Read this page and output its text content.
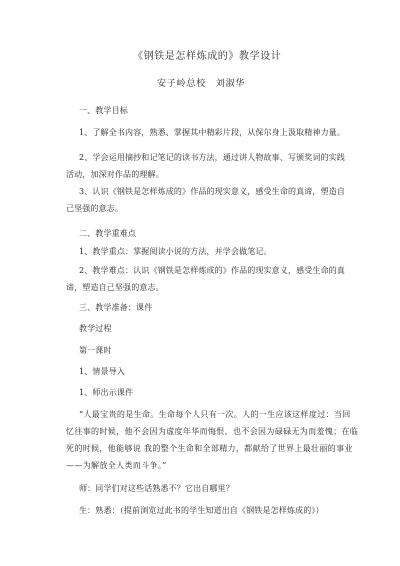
《钢铁是怎样炼成的》教学设计
安子岭总校　刘淑华
一、教学目标
1、了解全书内容，熟悉、掌握其中精彩片段，从保尔身上汲取精神力量。
2、学会运用摘抄和记笔记的读书方法，通过讲人物故事、写颁奖词的实践
活动，加深对作品的理解。
3、认识《钢铁是怎样炼成的》作品的现实意义，感受生命的真谛，塑造自
己坚强的意志。
二、教学重难点
1、教学重点：掌握阅读小说的方法，并学会做笔记。
2、教学难点：认识《钢铁是怎样炼成的》作品的现实意义，感受生命的真
谛，塑造自己坚强的意志。
三、教学准备：课件
教学过程
第一课时
1、情景导入
1、师出示课件
“人最宝贵的是生命。生命每个人只有一次。人的一生应该这样度过：当回
忆往事的时候，他不会因为虚度年华而悔恨，也不会因为碌碌无为而羞愧；在临
死的时候，他能够说 我的整个生命和全部精力，都献给了世界上最壮丽的事业
——为解放全人类而斗争。”
师：同学们对这些话熟悉不？它出自哪里？
生：熟悉：（提前浏览过此书的学生知道出自《钢铁是怎样炼成的》）
